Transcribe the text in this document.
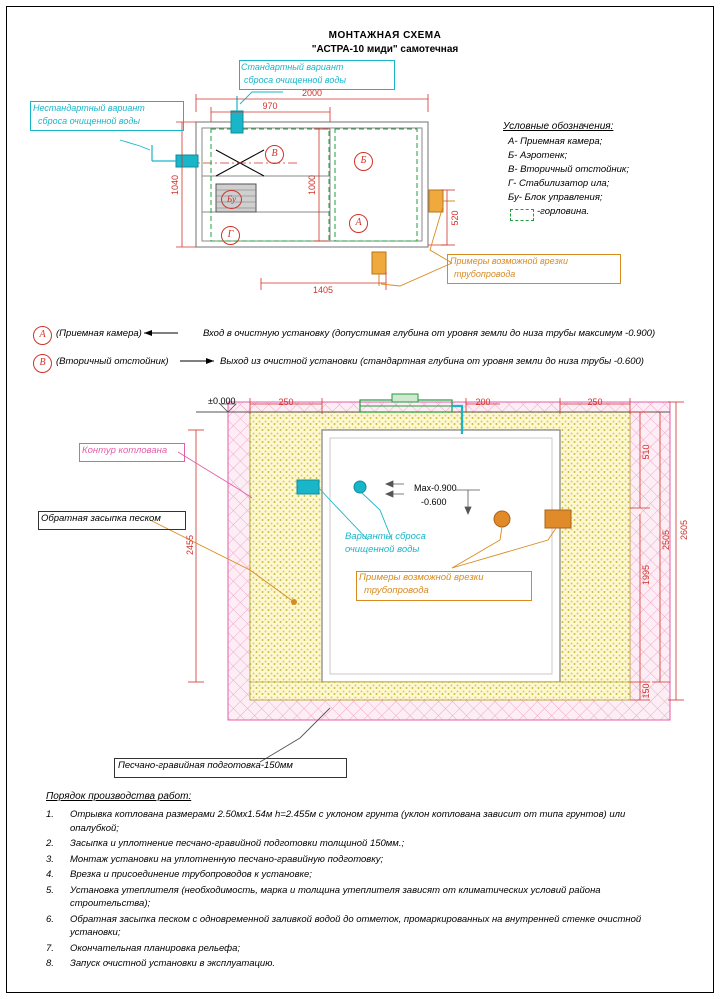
МОНТАЖНАЯ СХЕМА
"АСТРА-10 миди" самотечная
Стандартный вариант
сброса очищенной воды
Нестандартный вариант
сброса очищенной воды
Примеры возможной врезки
трубопровода
2000
970
1040	1000
1405
520
А
Б
В
Бу
Г
Условные обозначения:
А- Приемная камера;
Б- Аэротенк;
В- Вторичный отстойник;
Г- Стабилизатор ила;
Бу- Блок управления;
-горловина.
А	(Приемная камера)	Вход в очистную установку (допустимая глубина от уровня земли до низа трубы максимум -0.900)
В	(Вторичный отстойник)	Выход из очистной установки (стандартная глубина от уровня земли до низа трубы -0.600)
±0.000
Контур котлована
Обратная засыпка песком
Варианты сброса
очищенной воды
Примеры возможной врезки
трубопровода
Песчано-гравийная подготовка-150мм
Мах-0.900
-0.600
250	250
200
2455
510
1995
2505 2605
150
Порядок производства работ:
1.	Отрывка котлована размерами 2.50мх1.54м h=2.455м с уклоном грунта (уклон котлована зависит от типа грунтов) или опалубкой;
2.	Засыпка и уплотнение песчано-гравийной подготовки толщиной 150мм.;
3.	Монтаж установки на уплотненную песчано-гравийную подготовку;
4.	Врезка и присоединение трубопроводов к установке;
5.	Установка утеплителя (необходимость, марка и толщина утеплителя зависят от климатических условий района строительства);
6.	Обратная засыпка песком с одновременной заливкой водой до отметок, промаркированных на внутренней стенке очистной установки;
7.	Окончательная планировка рельефа;
8.	Запуск очистной установки в эксплуатацию.
